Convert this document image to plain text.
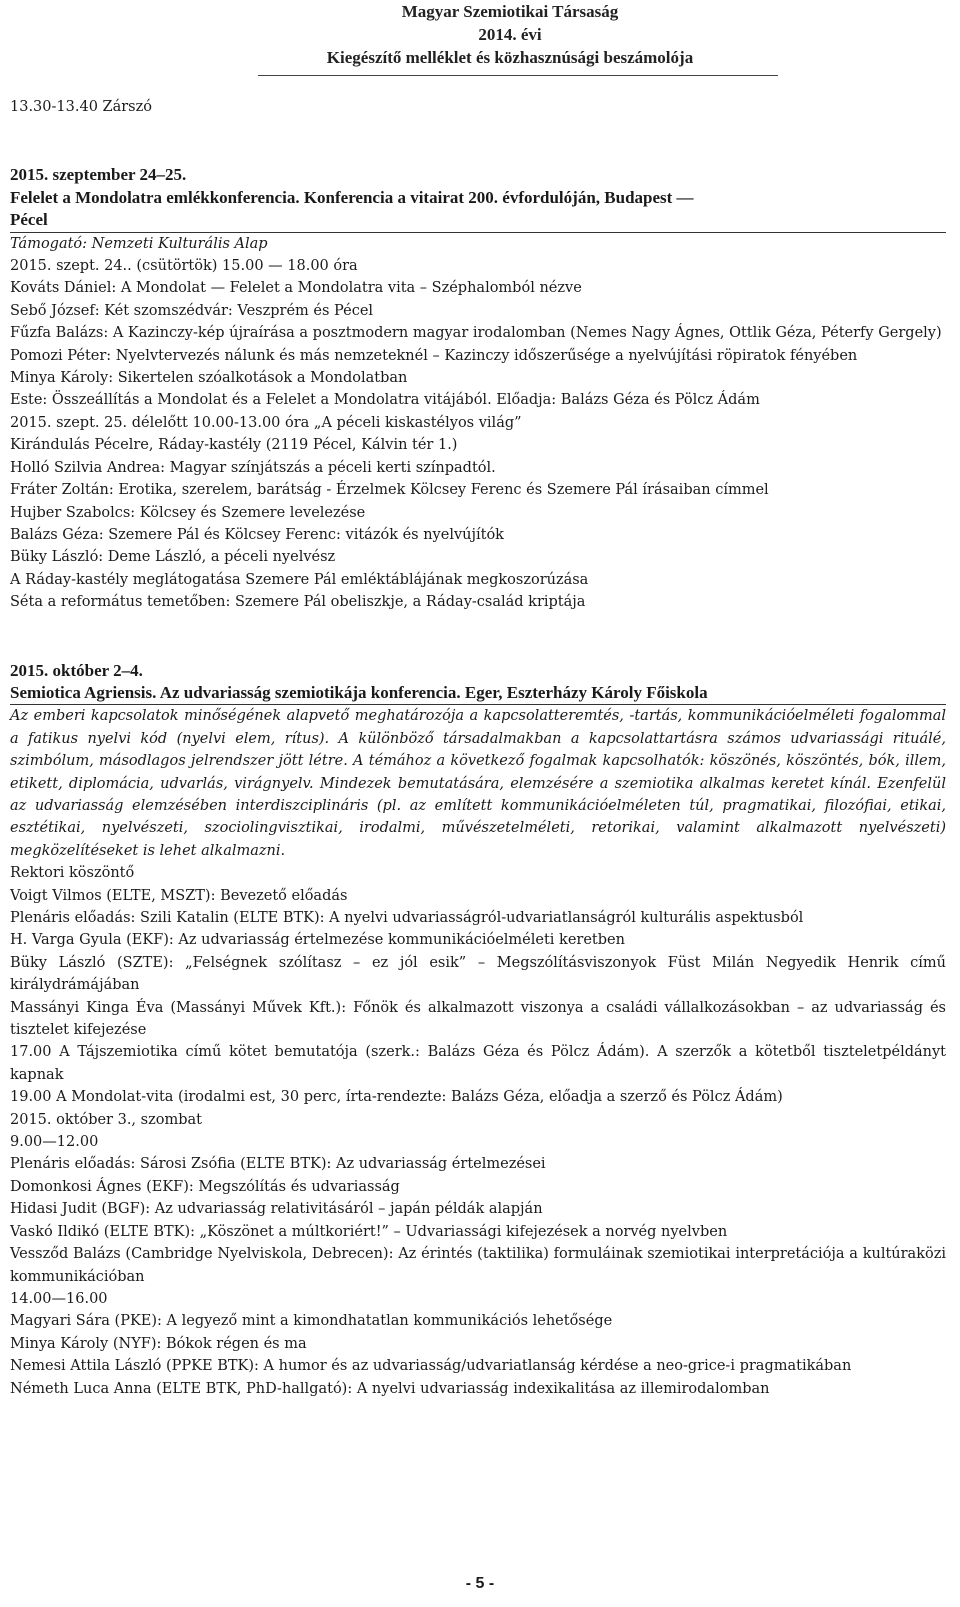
Magyar Szemiotikai Társaság
2014. évi
Kiegészítő melléklet és közhasznúsági beszámolója

13.30-13.40 Zárszó

2015. szeptember 24–25.

Felelet a Mondolatra emlékkonferencia. Konferencia a vitairat 200. évfordulóján, Budapest —

Pécel

Támogató: Nemzeti Kulturális Alap

2015. szept. 24.. (csütörtök) 15.00 — 18.00 óra

Kováts Dániel: A Mondolat — Felelet a Mondolatra vita – Széphalomból nézve

Sebő József: Két szomszédvár: Veszprém és Pécel

Fűzfa Balázs: A Kazinczy-kép újraírása a posztmodern magyar irodalomban (Nemes Nagy Ágnes, Ottlik Géza, Péterfy Gergely)

Pomozi Péter: Nyelvtervezés nálunk és más nemzeteknél – Kazinczy időszerűsége a nyelvújítási röpiratok fényében

Minya Károly: Sikertelen szóalkotások a Mondolatban

Este: Összeállítás a Mondolat és a Felelet a Mondolatra vitájából. Előadja: Balázs Géza és Pölcz Ádám

2015. szept. 25. délelőtt 10.00-13.00 óra „A péceli kiskastélyos világ”

Kirándulás Pécelre, Ráday-kastély (2119 Pécel, Kálvin tér 1.)

Holló Szilvia Andrea: Magyar színjátszás a péceli kerti színpadtól.

Fráter Zoltán: Erotika, szerelem, barátság - Érzelmek Kölcsey Ferenc és Szemere Pál írásaiban címmel

Hujber Szabolcs: Kölcsey és Szemere levelezése

Balázs Géza: Szemere Pál és Kölcsey Ferenc: vitázók és nyelvújítók

Büky László: Deme László, a péceli nyelvész

A Ráday-kastély meglátogatása Szemere Pál emléktáblájának megkoszorúzása

Séta a református temetőben: Szemere Pál obeliszkje, a Ráday-család kriptája

2015. október 2–4.

Semiotica Agriensis. Az udvariasság szemiotikája konferencia. Eger, Eszterházy Károly Főiskola

Az emberi kapcsolatok minőségének alapvető meghatározója a kapcsolatteremtés, -tartás, kommunikációelméleti fogalommal a fatikus nyelvi kód (nyelvi elem, rítus). A különböző társadalmakban a kapcsolattartásra számos udvariassági rituálé, szimbólum, másodlagos jelrendszer jött létre. A témához a következő fogalmak kapcsolhatók: köszönés, köszöntés, bók, illem, etikett, diplomácia, udvarlás, virágnyelv. Mindezek bemutatására, elemzésére a szemiotika alkalmas keretet kínál. Ezenfelül az udvariasság elemzésében interdiszciplináris (pl. az említett kommunikációelméleten túl, pragmatikai, filozófiai, etikai, esztétikai, nyelvészeti, szociolingvisztikai, irodalmi, művészetelméleti, retorikai, valamint alkalmazott nyelvészeti) megközelítéseket is lehet alkalmazni.

Rektori köszöntő

Voigt Vilmos (ELTE, MSZT): Bevezető előadás

Plenáris előadás: Szili Katalin (ELTE BTK): A nyelvi udvariasságról-udvariatlanságról kulturális aspektusból

H. Varga Gyula (EKF): Az udvariasság értelmezése kommunikációelméleti keretben

Büky László (SZTE): „Felségnek szólítasz – ez jól esik” – Megszólításviszonyok Füst Milán Negyedik Henrik című királydrámájában

Massányi Kinga Éva (Massányi Művek Kft.): Főnök és alkalmazott viszonya a családi vállalkozásokban – az udvariasság és tisztelet kifejezése

17.00 A Tájszemiotika című kötet bemutatója (szerk.: Balázs Géza és Pölcz Ádám). A szerzők a kötetből tiszteletpéldányt kapnak

19.00 A Mondolat-vita (irodalmi est, 30 perc, írta-rendezte: Balázs Géza, előadja a szerző és Pölcz Ádám)

2015. október 3., szombat

9.00—12.00

Plenáris előadás: Sárosi Zsófia (ELTE BTK): Az udvariasság értelmezései

Domonkosi Ágnes (EKF): Megszólítás és udvariasság

Hidasi Judit (BGF): Az udvariasság relativitásáról – japán példák alapján

Vaskó Ildikó (ELTE BTK): „Köszönet a múltkoriért!” – Udvariassági kifejezések a norvég nyelvben

Vessződ Balázs (Cambridge Nyelviskola, Debrecen): Az érintés (taktilika) formuláinak szemiotikai interpretációja a kultúraközi kommunikációban

14.00—16.00

Magyari Sára (PKE): A legyező mint a kimondhatatlan kommunikációs lehetősége

Minya Károly (NYF): Bókok régen és ma

Nemesi Attila László (PPKE BTK): A humor és az udvariasság/udvariatlanság kérdése a neo-grice-i pragmatikában

Németh Luca Anna (ELTE BTK, PhD-hallgató): A nyelvi udvariasság indexikalitása az illemirodalomban

- 5 -
